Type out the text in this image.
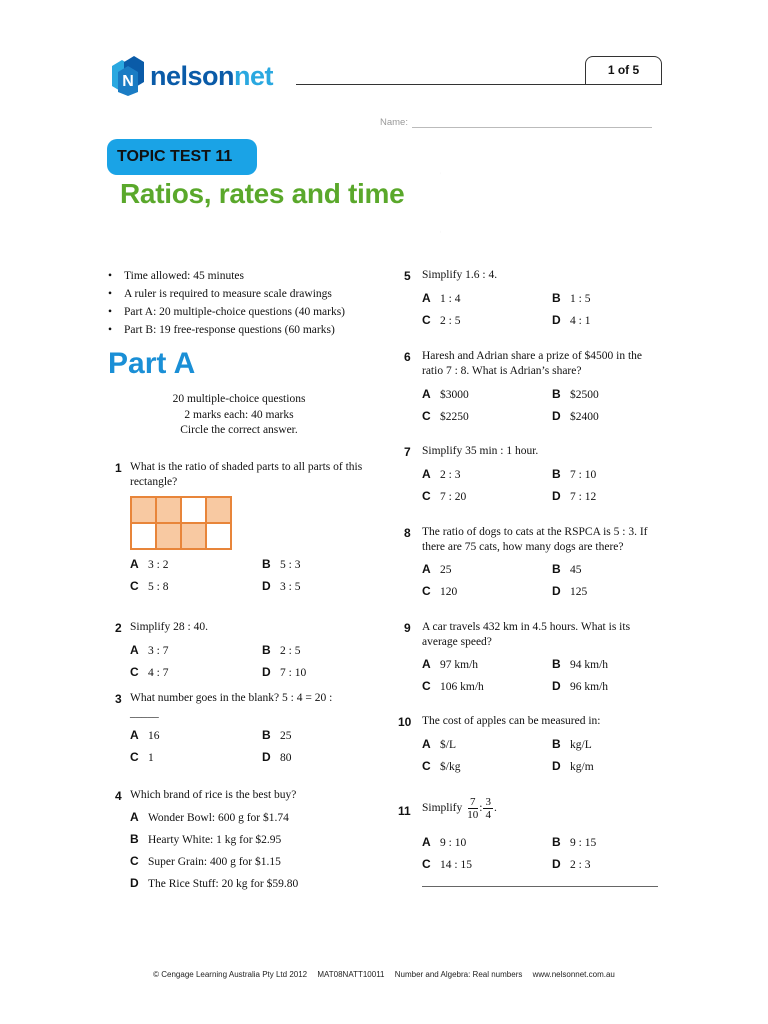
N nelsonnet	1 of 5
Name:
TOPIC TEST 11
Ratios, rates and time
• Time allowed: 45 minutes
• A ruler is required to measure scale drawings
• Part A: 20 multiple-choice questions (40 marks)
• Part B: 19 free-response questions (60 marks)
Part A
20 multiple-choice questions
2 marks each: 40 marks
Circle the correct answer.
1 What is the ratio of shaded parts to all parts of this rectangle?
A 3 : 2	B 5 : 3
C 5 : 8	D 3 : 5
2 Simplify 28 : 40.
A 3 : 7	B 2 : 5
C 4 : 7	D 7 : 10
3 What number goes in the blank? 5 : 4 = 20 : _____
A 16	B 25
C 1	D 80
4 Which brand of rice is the best buy?
A Wonder Bowl: 600 g for $1.74
B Hearty White: 1 kg for $2.95
C Super Grain: 400 g for $1.15
D The Rice Stuff: 20 kg for $59.80
5 Simplify 1.6 : 4.
A 1 : 4	B 1 : 5
C 2 : 5	D 4 : 1
6 Haresh and Adrian share a prize of $4500 in the ratio 7 : 8. What is Adrian’s share?
A $3000	B $2500
C $2250	D $2400
7 Simplify 35 min : 1 hour.
A 2 : 3	B 7 : 10
C 7 : 20	D 7 : 12
8 The ratio of dogs to cats at the RSPCA is 5 : 3. If there are 75 cats, how many dogs are there?
A 25	B 45
C 120	D 125
9 A car travels 432 km in 4.5 hours. What is its average speed?
A 97 km/h	B 94 km/h
C 106 km/h	D 96 km/h
10 The cost of apples can be measured in:
A $/L	B kg/L
C $/kg	D kg/m
11 Simplify $\frac{7}{10}$ : $\frac{3}{4}$ .
A 9 : 10	B 9 : 15
C 14 : 15	D 2 : 3
© Cengage Learning Australia Pty Ltd 2012 MAT08NATT10011 Number and Algebra: Real numbers www.nelsonnet.com.au
